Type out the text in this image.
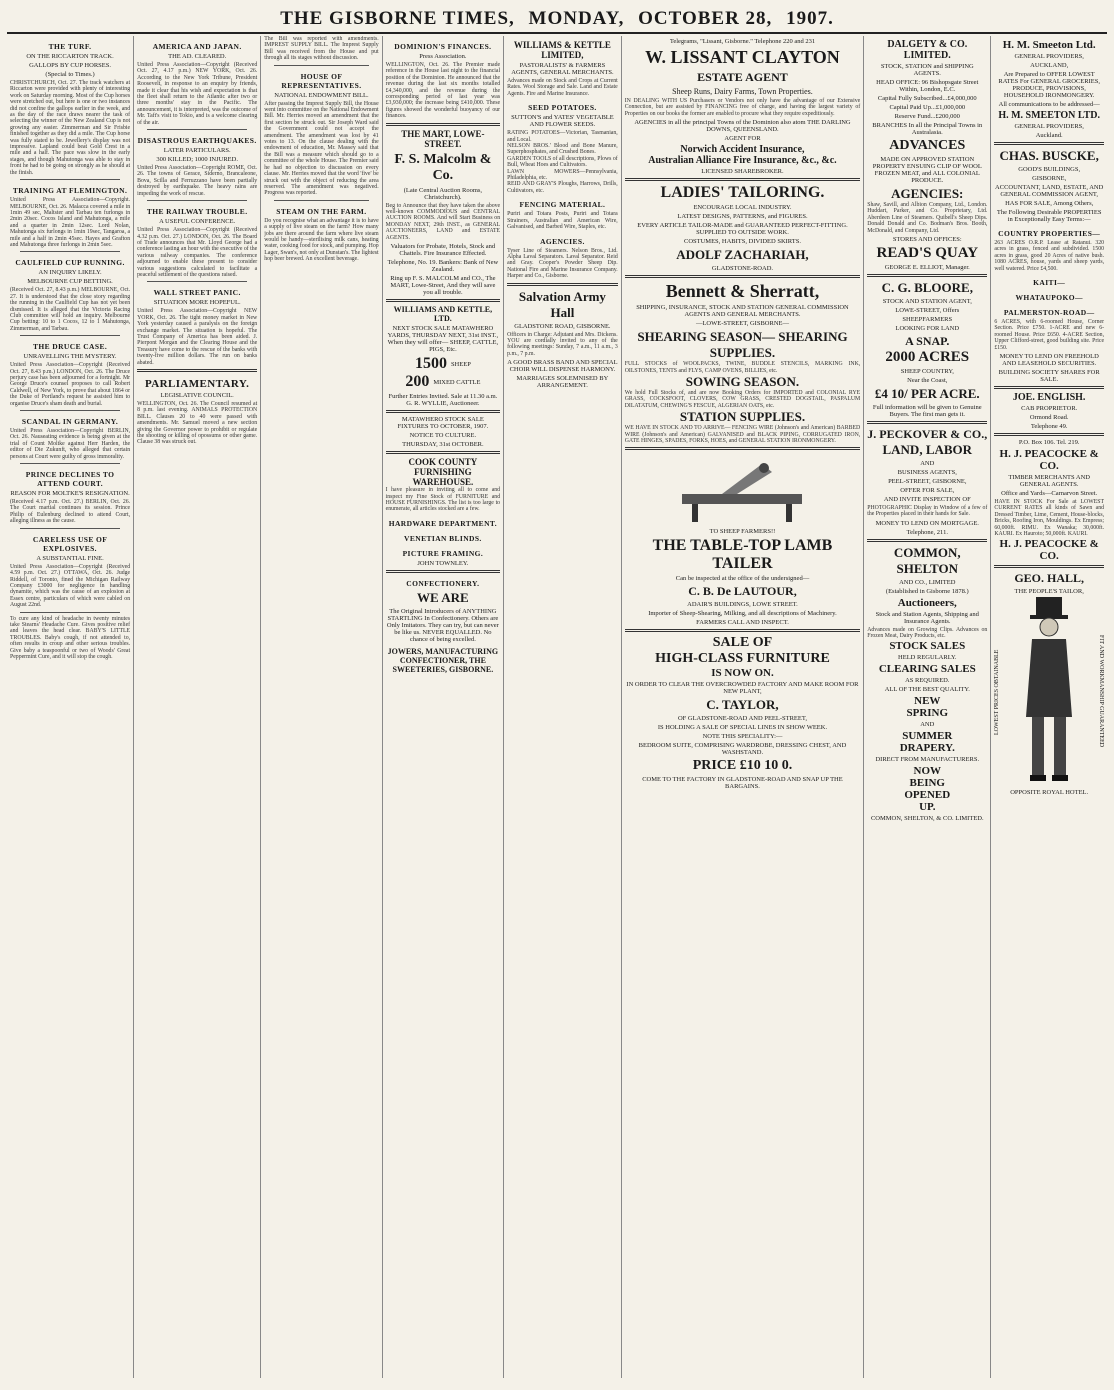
THE GISBORNE TIMES, MONDAY, OCTOBER 28, 1907.
THE TURF.
ON THE RICCARTON TRACK.
GALLOPS BY CUP HORSES.
(Special to Times.)
CHRISTCHURCH, Oct. 27. The track watchers at Riccarton were provided with plenty of interesting work on Saturday morning. Most of the Cup horses were stretched out, but here is one or two instances did not confine the gallops earlier in the week, and as the day of the race draws nearer the task of selecting the winner of the New Zealand Cup is not growing any easier. Zimmerman and Sir Frisbie finished together as they did a mile. The Cup horse was fully stated to be. Jewellery's display was not impressive. Lapland could beat Gold Crest in a mile and a half. The pace was slow in the early stages, and though Mahutonga was able to stay in front he had to be going on strongly as he should at the finish.
TRAINING AT FLEMINGTON.
United Press Association—Copyright. MELBOURNE, Oct. 26. Malacca covered a mile in 1min 49 sec, Maltster and Tarbau ten furlongs in 2min 20sec. Cocos Island and Mahutonga, a mile and a quarter in 2min 12sec. Lord Nolan, Mahutonga six furlongs in 1min 19sec, Tangaroa, a mile and a half in 2min 45sec. Hayes and Grafton and Mahutonga three furlongs in 2min 5sec.
CAULFIELD CUP RUNNING.
AN INQUIRY LIKELY.
MELBOURNE CUP BETTING.
(Received Oct. 27, 8.43 p.m.) MELBOURNE, Oct. 27. It is understood that the close story regarding the running in the Caulfield Cup has not yet been dismissed. It is alleged that the Victoria Racing Club committee will hold an inquiry. Melbourne Cup betting: 10 to 1 Cocos, 12 to 1 Mahutonga, Zimmerman, and Tarbau.
THE DRUCE CASE.
UNRAVELLING THE MYSTERY.
United Press Association—Copyright (Received Oct. 27, 8.43 p.m.) LONDON, Oct. 26. The Druce perjury case has been adjourned for a fortnight. Mr George Druce's counsel proposes to call Robert Caldwell, of New York, to prove that about 1864 or the Duke of Portland's request he assisted him to organise Druce's sham death and burial.
SCANDAL IN GERMANY.
United Press Association—Copyright BERLIN, Oct. 26. Nauseating evidence is being given at the trial of Count Moltke against Herr Harden, the editor of Die Zukunft, who alleged that certain persons at Court were guilty of gross immorality.
PRINCE DECLINES TO ATTEND COURT.
REASON FOR MOLTKE'S RESIGNATION.
(Received 4.17 p.m. Oct. 27.) BERLIN, Oct. 26. The Court martial continues its session. Prince Philip of Eulenburg declined to attend Court, alleging illness as the cause.
CARELESS USE OF EXPLOSIVES.
A SUBSTANTIAL FINE.
United Press Association—Copyright (Received 4.59 p.m. Oct. 27.) OTTAWA, Oct. 26. Judge Riddell, of Toronto, fined the Michigan Railway Company £3000 for negligence in handling dynamite, which was the cause of an explosion at Essex centre, particulars of which were cabled on August 22nd.
To cure any kind of headache in twenty minutes take Stearns' Headache Cure. Gives positive relief and leaves the head clear. BABY'S LITTLE TROUBLES. Baby's cough, if not attended to, often results in croup and other serious troubles. Give baby a teaspoonful or two of Woods' Great Peppermint Cure, and it will stop the cough.
AMERICA AND JAPAN.
THE AD. CLEARED.
United Press Association—Copyright (Received Oct. 27, 4.17 p.m.) NEW YORK, Oct. 26. According to the New York Tribune, President Roosevelt, in response to an enquiry by friends, made it clear that his wish and expectation is that the fleet shall return to the Atlantic after two or three months' stay in the Pacific. The announcement, it is interpreted, was the outcome of Mr. Taft's visit to Tokio, and is a welcome clearing of the air.
DISASTROUS EARTHQUAKES.
LATER PARTICULARS.
300 KILLED; 1000 INJURED.
United Press Association—Copyright ROME, Oct. 26. The towns of Gerace, Siderno, Brancaleone, Bova, Scilla and Ferruzzano have been partially destroyed by earthquake. The heavy rains are impeding the work of rescue.
THE RAILWAY TROUBLE.
A USEFUL CONFERENCE.
United Press Association—Copyright (Received 4.32 p.m. Oct. 27.) LONDON, Oct. 26. The Board of Trade announces that Mr. Lloyd George had a conference lasting an hour with the executive of the various railway companies. The conference adjourned to enable these present to consider various suggestions calculated to facilitate a peaceful settlement of the questions raised.
WALL STREET PANIC.
SITUATION MORE HOPEFUL.
United Press Association—Copyright NEW YORK, Oct. 26. The tight money market in New York yesterday caused a paralysis on the foreign exchange market. The situation is hopeful. The Trust Company of America has been aided. J. Pierpont Morgan and the Clearing House and the Treasury have come to the rescue of the banks with twenty-five million dollars. The run on banks abated.
PARLIAMENTARY.
LEGISLATIVE COUNCIL.
WELLINGTON, Oct. 26. The Council resumed at 8 p.m. last evening. ANIMALS PROTECTION BILL. Clauses 20 to 40 were passed with amendments. Mr. Samuel moved a new section giving the Governor power to prohibit or regulate the shooting or killing of opossums or other game. Clause 38 was struck out.
The Bill was reported with amendments. IMPREST SUPPLY BILL. The Imprest Supply Bill was received from the House and put through all its stages without discussion.
HOUSE OF REPRESENTATIVES.
NATIONAL ENDOWMENT BILL.
After passing the Imprest Supply Bill, the House went into committee on the National Endowment Bill. Mr. Herries moved an amendment that the first section be struck out. Sir Joseph Ward said the Government could not accept the amendment. The amendment was lost by 41 votes to 13. On the clause dealing with the endowment of education, Mr. Massey said that the Bill was a measure which should go to a committee of the whole House. The Premier said he had no objection to discussion on every clause. Mr. Herries moved that the word 'five' be struck out with the object of reducing the area reserved. The amendment was negatived. Progress was reported.
STEAM ON THE FARM.
Do you recognise what an advantage it is to have a supply of live steam on the farm? How many jobs are there around the farm where live steam would be handy—sterilising milk cans, heating water, cooking food for stock, and pumping. Hop Lager, Swan's, not only at Dunstan's. The lightest hop beer brewed. An excellent beverage.
DOMINION'S FINANCES.
Press Association.
WELLINGTON, Oct. 26. The Premier made reference in the House last night to the financial position of the Dominion. He announced that the revenue during the last six months totalled £4,340,000, and the revenue during the corresponding period of last year was £3,930,000; the increase being £410,000. These figures showed the wonderful buoyancy of our finances.
THE MART, LOWE-STREET.
F. S. Malcolm & Co.
(Late Central Auction Rooms, Christchurch).
Beg to Announce that they have taken the above well-known COMMODIOUS and CENTRAL AUCTION ROOMS. And will Start Business on MONDAY NEXT, 29th INST., as GENERAL AUCTIONEERS, LAND and ESTATE AGENTS.
Valuators for Probate, Hotels, Stock and Chattels. Fire Insurance Effected.
Telephone, No. 19. Bankers: Bank of New Zealand.
Ring up F. S. MALCOLM and CO., The MART, Lowe-Street, And they will save you all trouble.
WILLIAMS AND KETTLE, LTD.
NEXT STOCK SALE MATAWHERO YARDS, THURSDAY NEXT, 31st INST., When they will offer— SHEEP, CATTLE, PIGS, Etc.
1500 SHEEP
200 MIXED CATTLE
Further Entries Invited. Sale at 11.30 a.m. G. R. WYLLIE, Auctioneer.
MATAWHERO STOCK SALE FIXTURES TO OCTOBER, 1907.
NOTICE TO CULTURE.
THURSDAY, 31st OCTOBER.
COOK COUNTY FURNISHING WAREHOUSE.
I have pleasure in inviting all to come and inspect my Fine Stock of FURNITURE and HOUSE FURNISHINGS. The list is too large to enumerate, all articles stocked are a few.
HARDWARE DEPARTMENT.
VENETIAN BLINDS.
PICTURE FRAMING.
JOHN TOWNLEY.
CONFECTIONERY.
WE ARE
The Original Introducers of ANYTHING STARTLING In Confectionery. Others are Only Imitators. They can try, but can never be like us. NEVER EQUALLED. No chance of being excelled.
JOWERS, MANUFACTURING CONFECTIONER, THE SWEETERIES, GISBORNE.
WILLIAMS & KETTLE LIMITED,
PASTORALISTS' & FARMERS AGENTS, GENERAL MERCHANTS.
Advances made on Stock and Crops at Current Rates. Wool Storage and Sale. Land and Estate Agents. Fire and Marine Insurance.
SEED POTATOES.
SUTTON'S and YATES' VEGETABLE AND FLOWER SEEDS.
RATING POTATOES—Victorian, Tasmanian, and Local.
NELSON BROS.' Blood and Bone Manure, Superphosphates, and Crushed Bones.
GARDEN TOOLS of all descriptions, Plows of Bull, Wheat Hoes and Cultivators.
LAWN MOWERS—Pennsylvania, Philadelphia, etc.
REID AND GRAY'S Ploughs, Harrows, Drills, Cultivators, etc.
FENCING MATERIAL.
Puriri and Totara Posts, Puriri and Totara Strainers, Australian and American Wire, Galvanised, and Barbed Wire, Staples, etc.
AGENCIES.
Tyser Line of Steamers. Nelson Bros., Ltd. Alpha Laval Separators. Laval Separator. Reid and Gray. Cooper's Powder Sheep Dip. National Fire and Marine Insurance Company. Harper and Co., Gisborne.
Salvation Army Hall
GLADSTONE ROAD, GISBORNE.
Officers in Charge: Adjutant and Mrs. Dickens. YOU are cordially invited to any of the following meetings: Sunday, 7 a.m., 11 a.m., 3 p.m., 7 p.m.
A GOOD BRASS BAND AND SPECIAL CHOIR WILL DISPENSE HARMONY.
MARRIAGES SOLEMNISED BY ARRANGEMENT.
Telegrams, "Lissant, Gisborne." Telephone 220 and 231
W. LISSANT CLAYTON
ESTATE AGENT
Sheep Runs, Dairy Farms, Town Properties.
IN DEALING WITH US Purchasers or Vendors not only have the advantage of our Extensive Connection, but are assisted by FINANCING free of charge, and having the largest variety of Properties on our books the former are enabled to procure what they require expeditiously.
AGENCIES in all the principal Towns of the Dominion also atom THE DARLING DOWNS, QUEENSLAND.
AGENT FOR
Norwich Accident Insurance,
Australian Alliance Fire Insurance, &c., &c.
LICENSED SHAREBROKER.
LADIES' TAILORING.
ENCOURAGE LOCAL INDUSTRY.
LATEST DESIGNS, PATTERNS, and FIGURES.
EVERY ARTICLE TAILOR-MADE and GUARANTEED PERFECT-FITTING. SUPPLIED TO OUTSIDE WORK.
COSTUMES, HABITS, DIVIDED SKIRTS.
ADOLF ZACHARIAH,
GLADSTONE-ROAD.
Bennett & Sherratt,
SHIPPING, INSURANCE, STOCK AND STATION GENERAL COMMISSION AGENTS AND GENERAL MERCHANTS.
—LOWE-STREET, GISBORNE—
SHEARING SEASON— SHEARING SUPPLIES.
FULL STOCKS of WOOLPACKS, TWINE, BUDDLE STENCILS, MARKING INK, OILSTONES, TENTS and FLYS, CAMP OVENS, BILLIES, etc.
SOWING SEASON.
We hold Full Stocks of, and are now Booking Orders for IMPORTED and COLONIAL RYE GRASS, COCKSFOOT, CLOVERS, COW GRASS, CRESTED DOGSTAIL, PASPALUM DILATATUM, CHEWING'S FESCUE, ALGERIAN OATS, etc.
STATION SUPPLIES.
WE HAVE IN STOCK AND TO ARRIVE— FENCING WIRE (Johnson's and American) BARBED WIRE (Johnson's and American) GALVANISED and BLACK PIPING, CORRUGATED IRON, GATE HINGES, SPADES, FORKS, HOES, and GENERAL STATION IRONMONGERY.
TO SHEEP FARMERS!!
THE TABLE-TOP LAMB TAILER
Can be inspected at the office of the undersigned—
C. B. De LAUTOUR,
ADAIR'S BUILDINGS, LOWE STREET.
Importer of Sheep-Shearing, Milking, and all descriptions of Machinery.
FARMERS CALL AND INSPECT.
SALE OF
HIGH-CLASS FURNITURE
IS NOW ON.
IN ORDER TO CLEAR THE OVERCROWDED FACTORY AND MAKE ROOM FOR NEW PLANT,
C. TAYLOR,
OF GLADSTONE-ROAD AND PEEL-STREET,
IS HOLDING A SALE OF SPECIAL LINES IN SHOW WEEK.
NOTE THIS SPECIALITY:—
BEDROOM SUITE, COMPRISING WARDROBE, DRESSING CHEST, AND WASHSTAND.
PRICE £10 10 0.
COME TO THE FACTORY IN GLADSTONE-ROAD AND SNAP UP THE BARGAINS.
DALGETY & CO. LIMITED.
STOCK, STATION and SHIPPING AGENTS.
HEAD OFFICE: 96 Bishopsgate Street Within, London, E.C.
Capital Fully Subscribed...£4,000,000
Capital Paid Up...£1,000,000
Reserve Fund...£200,000
BRANCHES In all the Principal Towns in Australasia.
ADVANCES
MADE ON APPROVED STATION PROPERTY ENSUING CLIP OF WOOL FROZEN MEAT, and ALL COLONIAL PRODUCE.
AGENCIES:
Shaw, Savill, and Albion Company, Ltd., London. Huddart, Parker, and Co. Proprietary, Ltd. Aberdeen Line of Steamers. Quibell's Sheep Dips. Donald Donald and Co. Bodman's Bros. Booth, McDonald, and Company, Ltd.
STORES AND OFFICES:
READ'S QUAY
GEORGE E. ELLIOT, Manager.
C. G. BLOORE,
STOCK AND STATION AGENT,
LOWE-STREET, Offers
SHEEPFARMERS
LOOKING FOR LAND
A SNAP.
2000 ACRES
SHEEP COUNTRY,
Near the Coast,
£4 10/ PER ACRE.
Full information will be given to Genuine Buyers. The first man gets it.
J. PECKOVER & CO.,
LAND, LABOR
AND
BUSINESS AGENTS,
PEEL-STREET, GISBORNE,
OFFER FOR SALE,
AND INVITE INSPECTION OF
PHOTOGRAPHIC Display in Window of a few of the Properties placed in their hands for Sale.
MONEY TO LEND ON MORTGAGE.
Telephone, 211.
COMMON, SHELTON
AND CO., LIMITED
(Established in Gisborne 1878.)
Auctioneers,
Stock and Station Agents, Shipping and Insurance Agents.
Advances made on Growing Clips. Advances on Frozen Meat, Dairy Products, etc.
STOCK SALES
HELD REGULARLY.
CLEARING SALES
AS REQUIRED.
ALL OF THE BEST QUALITY.
NEW
SPRING
AND
SUMMER
DRAPERY.
DIRECT FROM MANUFACTURERS.
NOW
BEING
OPENED
UP.
COMMON, SHELTON, & CO. LIMITED.
H. M. Smeeton Ltd.
GENERAL PROVIDERS,
AUCKLAND,
Are Prepared to OFFER LOWEST RATES For GENERAL GROCERIES, PRODUCE, PROVISIONS, HOUSEHOLD IRONMONGERY.
All communications to be addressed—
H. M. SMEETON LTD.
GENERAL PROVIDERS,
Auckland.
CHAS. BUSCKE,
GOOD'S BUILDINGS,
GISBORNE,
ACCOUNTANT, LAND, ESTATE, AND GENERAL COMMISSION AGENT,
HAS FOR SALE, Among Others,
The Following Desirable PROPERTIES in Exceptionally Easy Terms:—
COUNTRY PROPERTIES—
263 ACRES O.R.P. Lease at Ratanui. 320 acres in grass, fenced and subdivided. 1500 acres in grass, good 20 Acres of native bush. 1080 ACRES, house, yards and sheep yards, well watered. Price £4,500.
KAITI—
WHATAUPOKO—
PALMERSTON-ROAD—
6 ACRES, with 6-roomed House, Corner Section. Price £750. 1-ACRE and new 6-roomed House. Price £650. 4-ACRE Section, Upper Clifford-street, good building site. Price £150.
MONEY TO LEND ON FREEHOLD AND LEASEHOLD SECURITIES.
BUILDING SOCIETY SHARES FOR SALE.
JOE. ENGLISH.
CAB PROPRIETOR.
Ormond Road.
Telephone 49.
P.O. Box 106. Tel. 219.
H. J. PEACOCKE & CO.
TIMBER MERCHANTS AND GENERAL AGENTS.
Office and Yards—Carnarvon Street.
HAVE IN STOCK For Sale at LOWEST CURRENT RATES all kinds of Sawn and Dressed Timber, Lime, Cement, House-blocks, Bricks, Roofing Iron, Mouldings. Ex Empress; 60,000ft. RIMU. Ex Wanaka; 30,000ft. KAURI. Ex Hauroto; 50,000ft. KAURI.
H. J. PEACOCKE & CO.
GEO. HALL,
THE PEOPLE'S TAILOR,
LOWEST PRICES OBTAINABLE	FIT AND WORKMANSHIP GUARANTEED
OPPOSITE ROYAL HOTEL.
